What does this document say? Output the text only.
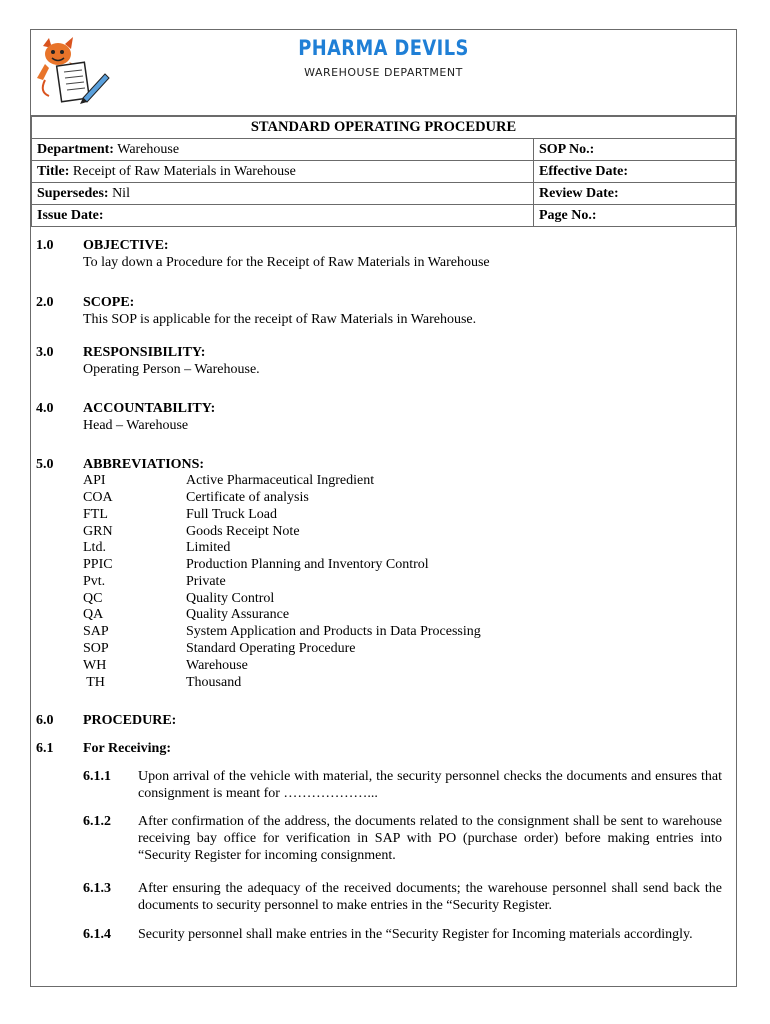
PHARMA DEVILS
WAREHOUSE DEPARTMENT
STANDARD OPERATING PROCEDURE	
Department: Warehouse	SOP No.:
Title: Receipt of Raw Materials in Warehouse	Effective Date:
Supersedes: Nil	Review Date:
Issue Date:	Page No.:
1.0 OBJECTIVE:
To lay down a Procedure for the Receipt of Raw Materials in Warehouse
2.0 SCOPE:
This SOP is applicable for the receipt of Raw Materials in Warehouse.
3.0 RESPONSIBILITY:
Operating Person – Warehouse.
4.0 ACCOUNTABILITY:
Head – Warehouse
5.0 ABBREVIATIONS:
API	Active Pharmaceutical Ingredient
COA	Certificate of analysis
FTL	Full Truck Load
GRN	Goods Receipt Note
Ltd.	Limited
PPIC	Production Planning and Inventory Control
Pvt.	Private
QC	Quality Control
QA	Quality Assurance
SAP	System Application and Products in Data Processing
SOP	Standard Operating Procedure
WH	Warehouse
TH	Thousand
6.0 PROCEDURE:
6.1 For Receiving:
6.1.1 Upon arrival of the vehicle with material, the security personnel checks the documents and ensures that consignment is meant for ………………...
6.1.2 After confirmation of the address, the documents related to the consignment shall be sent to warehouse receiving bay office for verification in SAP with PO (purchase order) before making entries into “Security Register for incoming consignment.
6.1.3 After ensuring the adequacy of the received documents; the warehouse personnel shall send back the documents to security personnel to make entries in the “Security Register.
6.1.4 Security personnel shall make entries in the “Security Register for Incoming materials accordingly.
